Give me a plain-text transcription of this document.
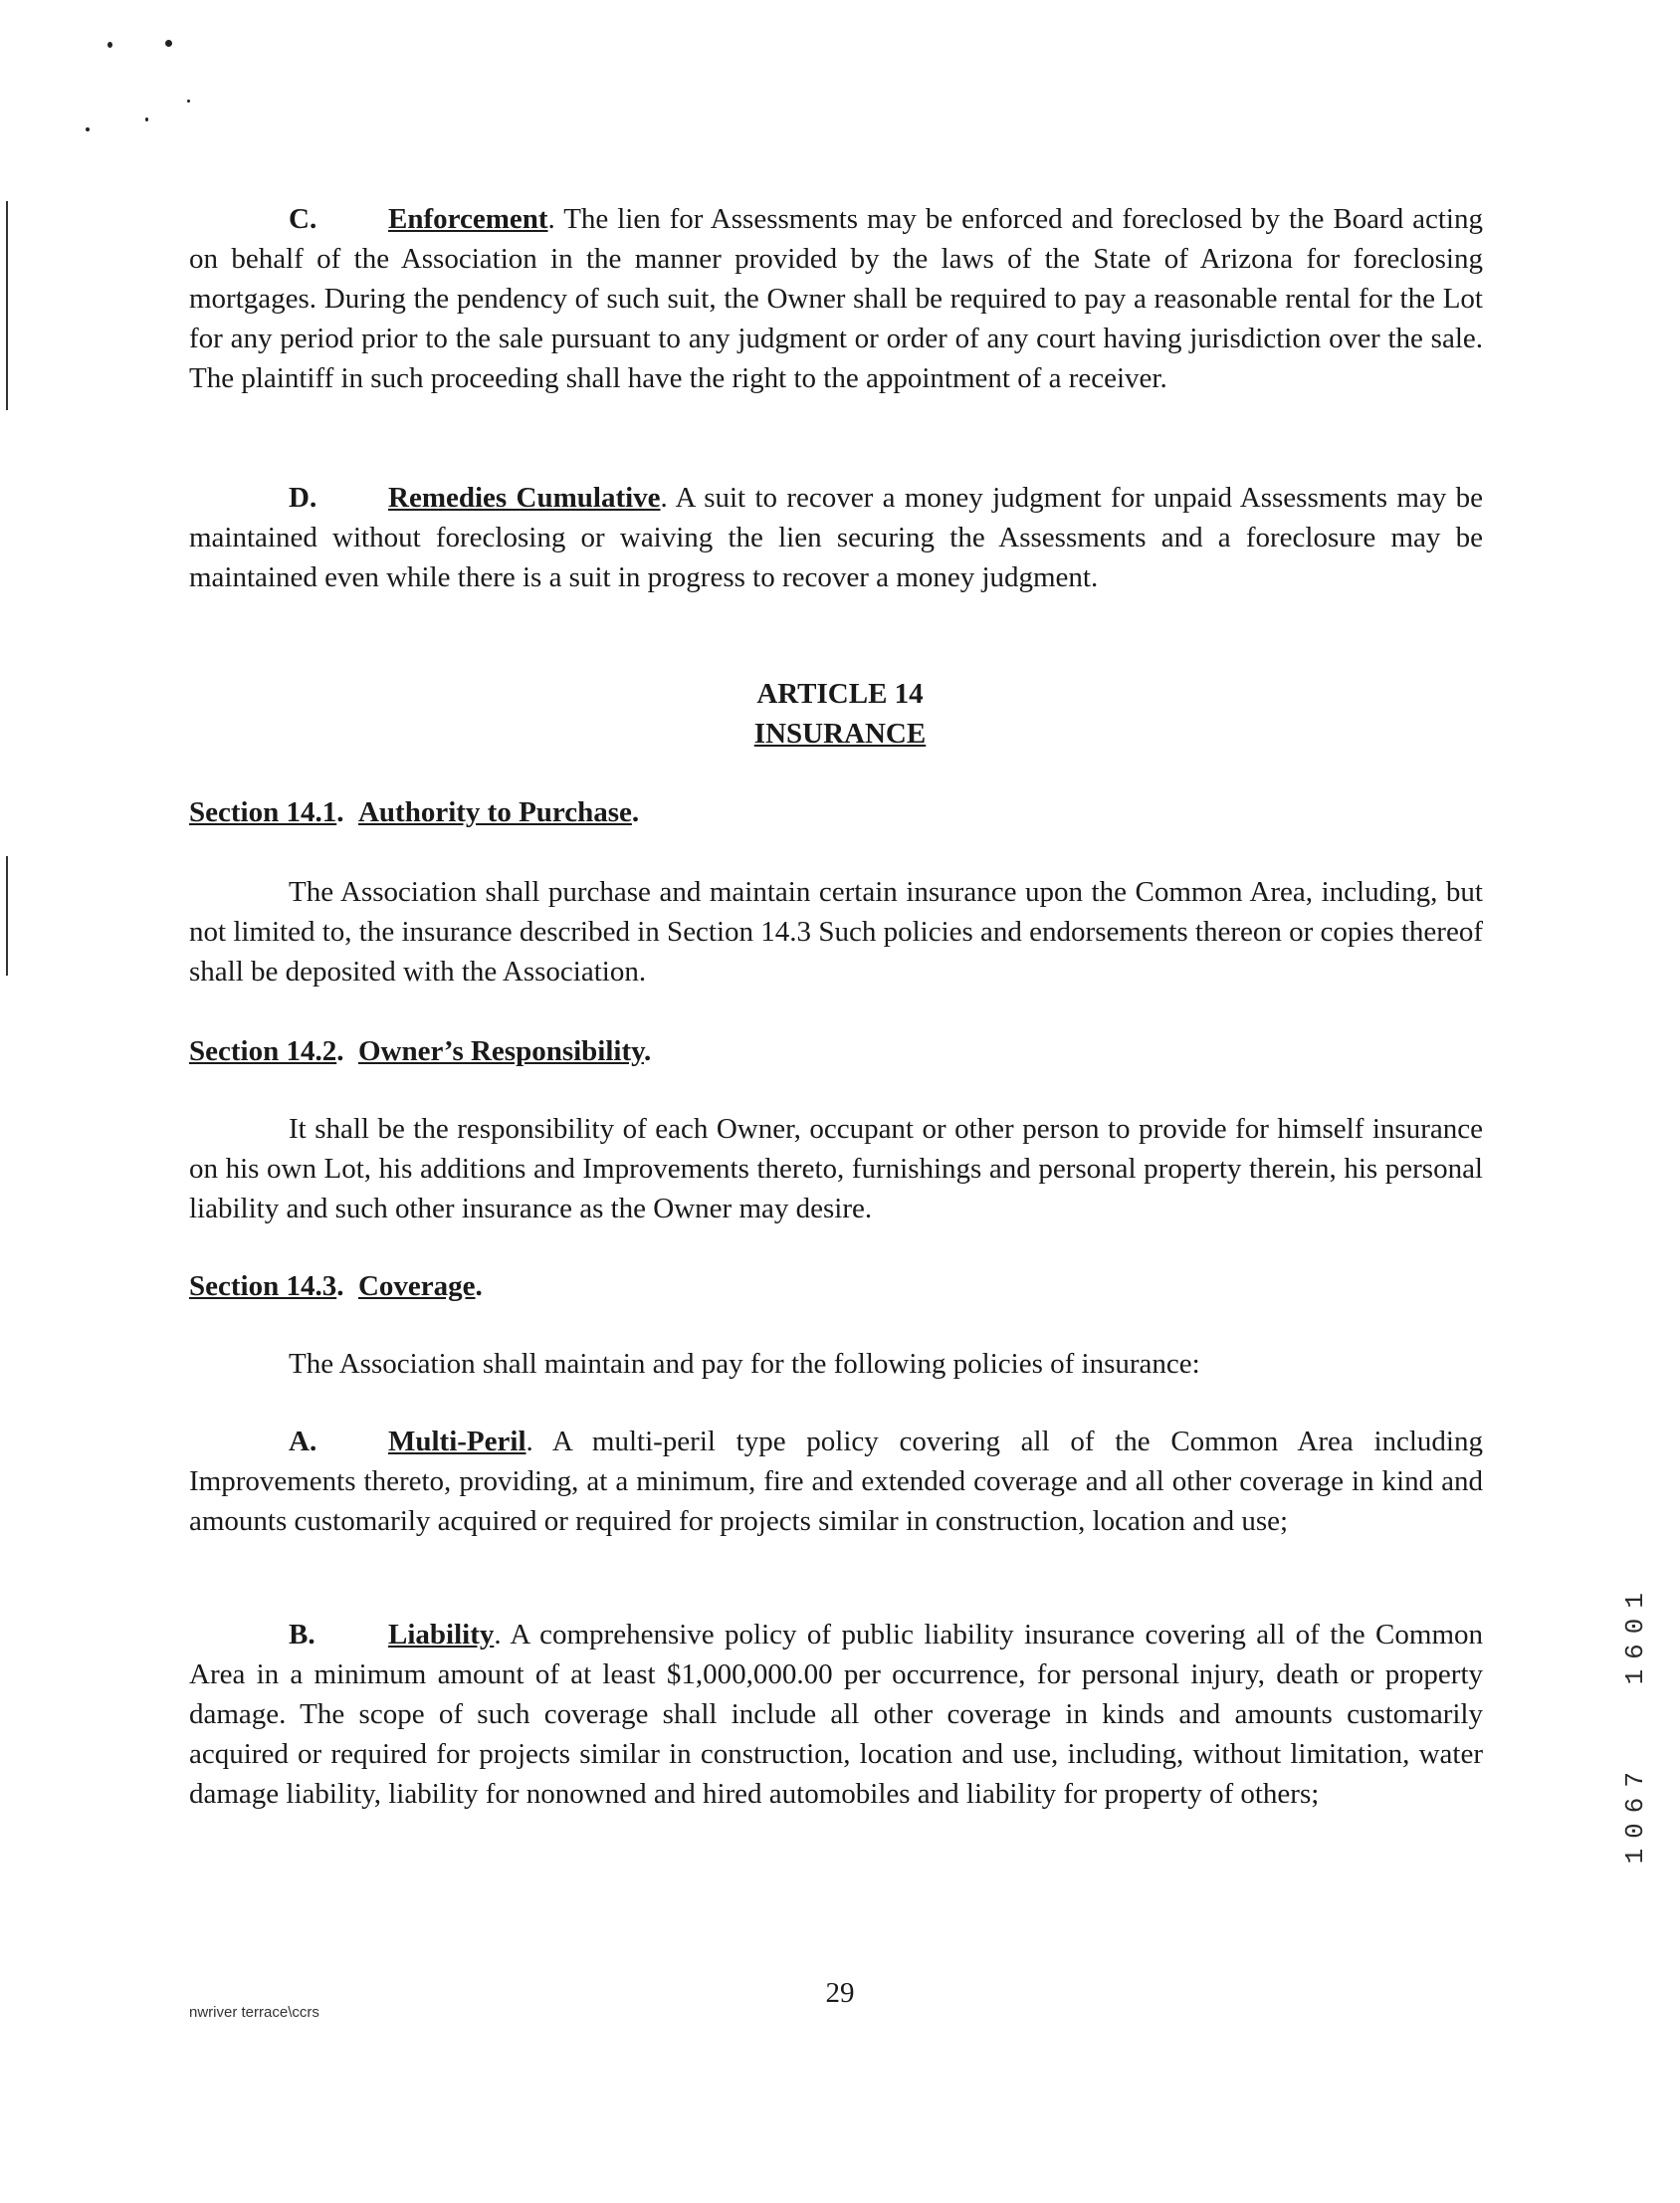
C. Enforcement. The lien for Assessments may be enforced and foreclosed by the Board acting on behalf of the Association in the manner provided by the laws of the State of Arizona for foreclosing mortgages. During the pendency of such suit, the Owner shall be required to pay a reasonable rental for the Lot for any period prior to the sale pursuant to any judgment or order of any court having jurisdiction over the sale. The plaintiff in such proceeding shall have the right to the appointment of a receiver.

D. Remedies Cumulative. A suit to recover a money judgment for unpaid Assessments may be maintained without foreclosing or waiving the lien securing the Assessments and a foreclosure may be maintained even while there is a suit in progress to recover a money judgment.

ARTICLE 14
INSURANCE
Section 14.1.  Authority to Purchase.

The Association shall purchase and maintain certain insurance upon the Common Area, including, but not limited to, the insurance described in Section 14.3 Such policies and endorsements thereon or copies thereof shall be deposited with the Association.

Section 14.2.  Owner’s Responsibility.

It shall be the responsibility of each Owner, occupant or other person to provide for himself insurance on his own Lot, his additions and Improvements thereto, furnishings and personal property therein, his personal liability and such other insurance as the Owner may desire.

Section 14.3.  Coverage.

The Association shall maintain and pay for the following policies of insurance:

A. Multi-Peril. A multi-peril type policy covering all of the Common Area including Improvements thereto, providing, at a minimum, fire and extended coverage and all other coverage in kind and amounts customarily acquired or required for projects similar in construction, location and use;

B.	Liability. A comprehensive policy of public liability insurance covering all of the Common Area in a minimum amount of at least $1,000,000.00 per occurrence, for personal injury, death or property damage. The scope of such coverage shall include all other coverage in kinds and amounts customarily acquired or required for projects similar in construction, location and use, including, without limitation, water damage liability, liability for nonowned and hired automobiles and liability for property of others;

nwriver terrace\ccrs
29
1601
1067
